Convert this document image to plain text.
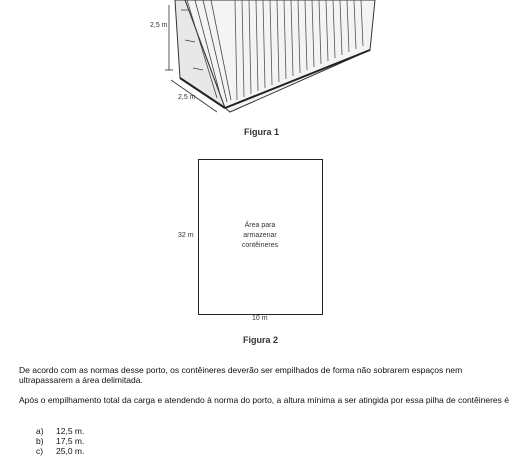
2,5 m
2,5 m
Figura 1
Área para
armazenar
contêineres
32 m
10 m
Figura 2
De acordo com as normas desse porto, os contêineres deverão ser empilhados de forma não sobrarem espaços nem ultrapassarem a área delimitada.
Após o empilhamento total da carga e atendendo à norma do porto, a altura mínima a ser atingida por essa pilha de contêineres é
a) 12,5 m.
b) 17,5 m.
c) 25,0 m.
